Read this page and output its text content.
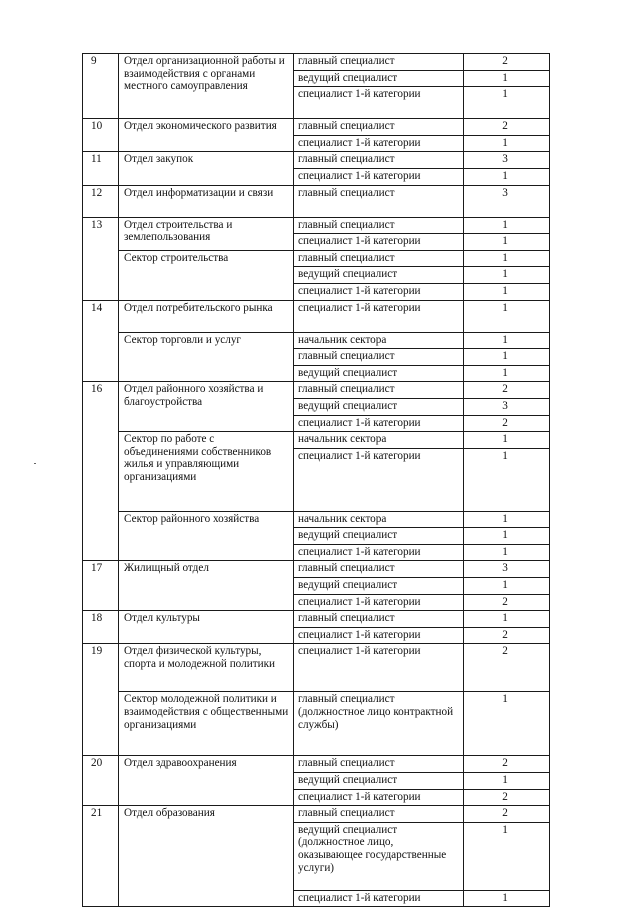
9	Отдел организационной работы и взаимодействия с органами местного самоуправления	главный специалист	2
		ведущий специалист	1
		специалист 1-й категории	1
10	Отдел экономического развития	главный специалист	2
		специалист 1-й категории	1
11	Отдел закупок	главный специалист	3
		специалист 1-й категории	1
12	Отдел информатизации и связи	главный специалист	3
13	Отдел строительства и землепользования	главный специалист	1
		специалист 1-й категории	1
	Сектор строительства	главный специалист	1
		ведущий специалист	1
		специалист 1-й категории	1
14	Отдел потребительского рынка	специалист 1-й категории	1
	Сектор торговли и услуг	начальник сектора	1
		главный специалист	1
		ведущий специалист	1
16	Отдел районного хозяйства и благоустройства	главный специалист	2
		ведущий специалист	3
		специалист 1-й категории	2
	Сектор по работе с объединениями собственников жилья и управляющими организациями	начальник сектора	1
		специалист 1-й категории	1
	Сектор районного хозяйства	начальник сектора	1
		ведущий специалист	1
		специалист 1-й категории	1
17	Жилищный отдел	главный специалист	3
		ведущий специалист	1
		специалист 1-й категории	2
18	Отдел культуры	главный специалист	1
		специалист 1-й категории	2
19	Отдел физической культуры, спорта и молодежной политики	специалист 1-й категории	2
	Сектор молодежной политики и взаимодействия с общественными организациями	главный специалист (должностное лицо контрактной службы)	1
20	Отдел здравоохранения	главный специалист	2
		ведущий специалист	1
		специалист 1-й категории	2
21	Отдел образования	главный специалист	2
		ведущий специалист (должностное лицо, оказывающее государственные услуги)	1
		специалист 1-й категории	1
